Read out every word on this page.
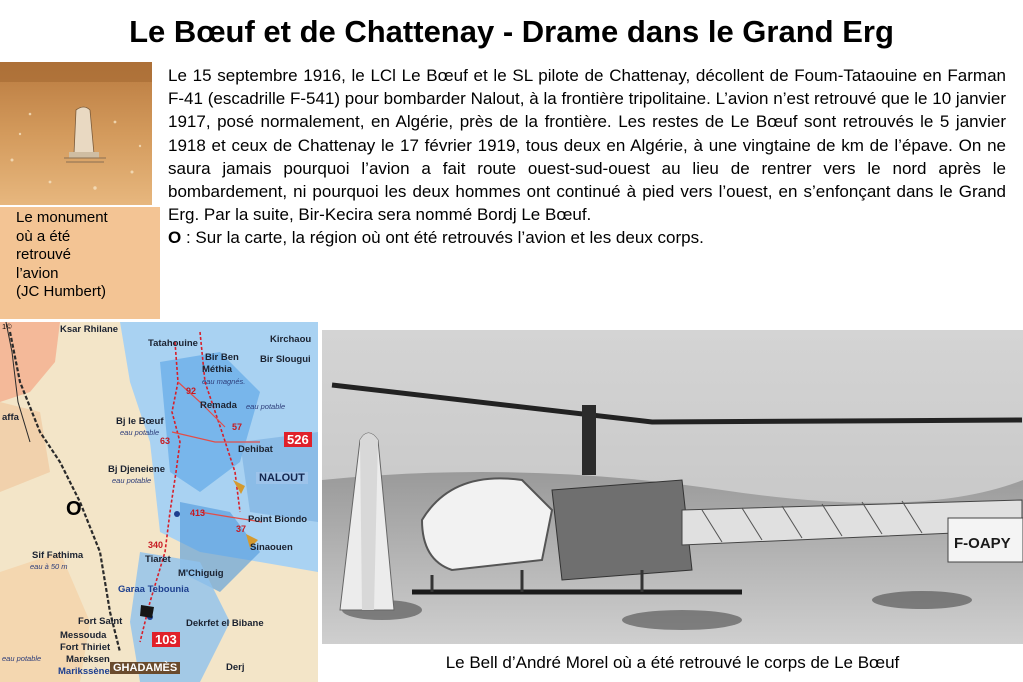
Le Bœuf et de Chattenay - Drame dans le Grand Erg
Le monument
où a été
retrouvé
l’avion
(JC Humbert)
Le 15 septembre 1916, le LCl Le Bœuf et le SL pilote de Chattenay, décollent de Foum-Tataouine en Farman F-41 (escadrille F-541) pour bombarder Nalout, à la frontière tripolitaine. L’avion n’est retrouvé que le 10 janvier 1917, posé normalement, en Algérie, près de la frontière. Les restes de Le Bœuf sont retrouvés le 5 janvier 1918 et ceux de Chattenay le 17 février 1919, tous deux en Algérie, à une vingtaine de km de l’épave. On ne saura jamais pourquoi l’avion a fait route ouest-sud-ouest au lieu de rentrer vers le nord après le bombardement, ni pourquoi les deux hommes ont continué à pied vers l’ouest, en s’enfonçant dans le Grand Erg. Par la suite, Bir-Kecira sera nommé Bordj Le Bœuf.
O : Sur la carte, la région où ont été retrouvés l’avion et les deux corps.
Ksar Rhilane
Tatahouine	Kirchaou
Bir Ben Bir Slougui
Méthia
eau magnés.
Bj le Bœuf
eau potable
Remada eau potable
Dehibat
526
Bj Djeneiene
eau potable	NALOUT
413
Point Biondo
Sinaouen
O
Sif Fathima
eau à 50 m
Tiaret
M'Chiguig
340
Garaa Tebounia
Fort Saint
Messouda
Fort Thiriet
Mareksen
eau potable
Marikssène
Dekrfet el Bibane
103
GHADAMÈS
affa
Derj
37
57
92
63
1©
F-OAPY
Le Bell d’André Morel où a été retrouvé le corps de Le Bœuf
